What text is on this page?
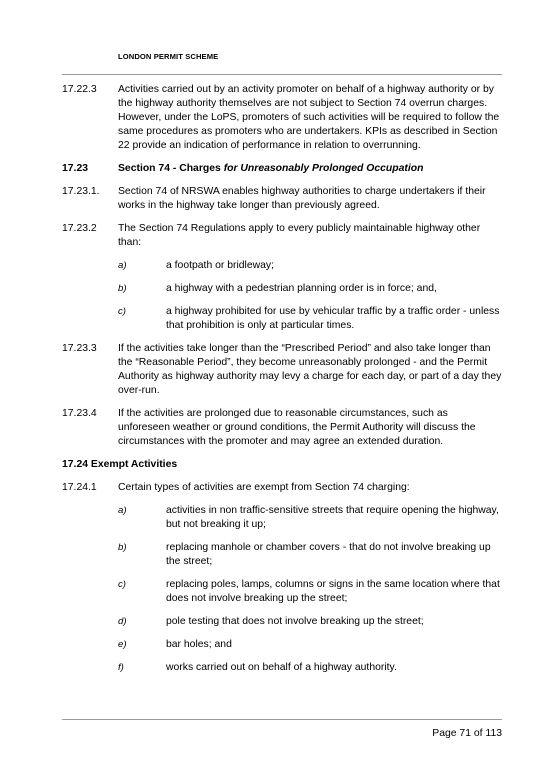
LONDON PERMIT SCHEME
17.22.3	Activities carried out by an activity promoter on behalf of a highway authority or by the highway authority themselves are not subject to Section 74 overrun charges. However, under the LoPS, promoters of such activities will be required to follow the same procedures as promoters who are undertakers. KPIs as described in Section 22 provide an indication of performance in relation to overrunning.
17.23	Section 74 - Charges for Unreasonably Prolonged Occupation
17.23.1.	Section 74 of NRSWA enables highway authorities to charge undertakers if their works in the highway take longer than previously agreed.
17.23.2	The Section 74 Regulations apply to every publicly maintainable highway other than:
a)	a footpath or bridleway;
b)	a highway with a pedestrian planning order is in force; and,
c)	a highway prohibited for use by vehicular traffic by a traffic order - unless that prohibition is only at particular times.
17.23.3	If the activities take longer than the “Prescribed Period” and also take longer than the “Reasonable Period”, they become unreasonably prolonged - and the Permit Authority as highway authority may levy a charge for each day, or part of a day they over-run.
17.23.4	If the activities are prolonged due to reasonable circumstances, such as unforeseen weather or ground conditions, the Permit Authority will discuss the circumstances with the promoter and may agree an extended duration.
17.24 Exempt Activities
17.24.1	Certain types of activities are exempt from Section 74 charging:
a)	activities in non traffic-sensitive streets that require opening the highway, but not breaking it up;
b)	replacing manhole or chamber covers - that do not involve breaking up the street;
c)	replacing poles, lamps, columns or signs in the same location where that does not involve breaking up the street;
d)	pole testing that does not involve breaking up the street;
e)	bar holes; and
f)	works carried out on behalf of a highway authority.
Page 71 of 113
